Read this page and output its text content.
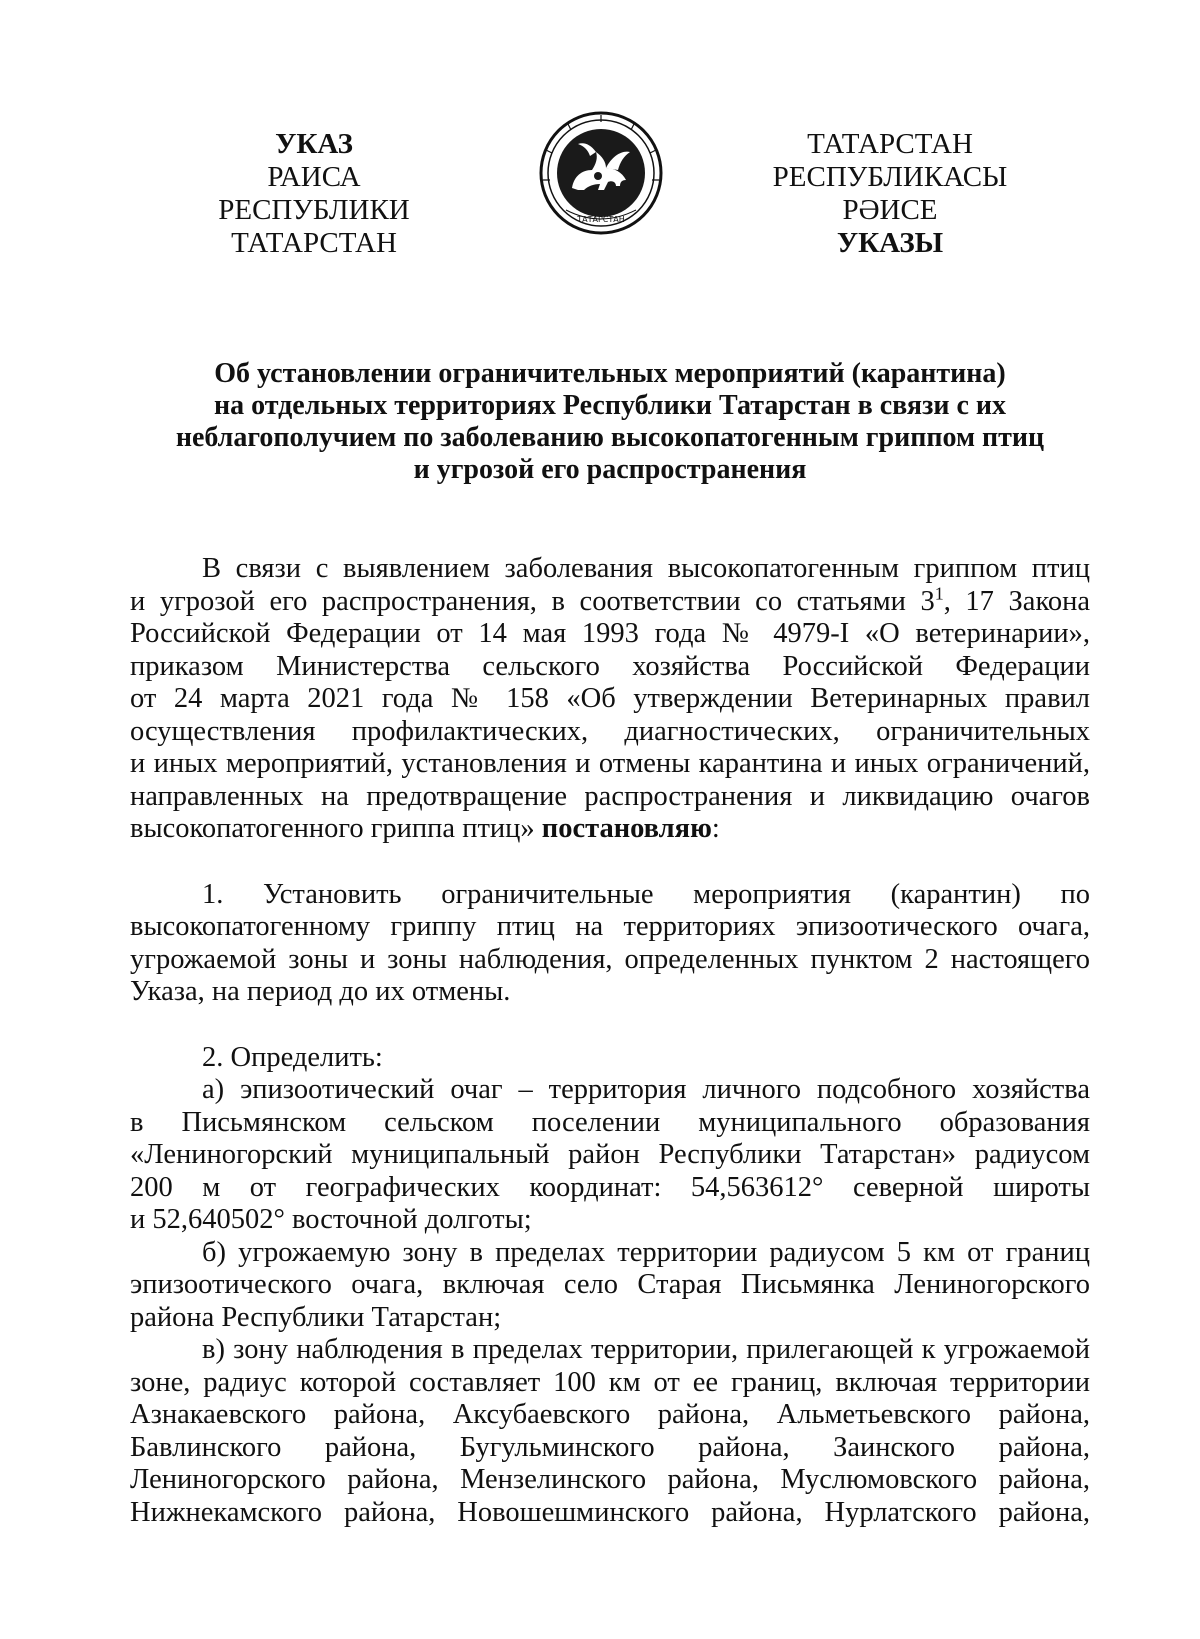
УКАЗ
РАИСА
РЕСПУБЛИКИ ТАТАРСТАН
ТАТАРСТАН
ТАТАРСТАН РЕСПУБЛИКАСЫ
РӘИСЕ
УКАЗЫ
Об установлении ограничительных мероприятий (карантина)
на отдельных территориях Республики Татарстан в связи с их
неблагополучием по заболеванию высокопатогенным гриппом птиц
и угрозой его распространения
В связи с выявлением заболевания высокопатогенным гриппом птиц
и угрозой его распространения, в соответствии со статьями $3^1$, 17 Закона
Российской Федерации от 14 мая 1993 года № 4979-I «О ветеринарии»,
приказом Министерства сельского хозяйства Российской Федерации
от 24 марта 2021 года № 158 «Об утверждении Ветеринарных правил
осуществления профилактических, диагностических, ограничительных
и иных мероприятий, установления и отмены карантина и иных ограничений,
направленных на предотвращение распространения и ликвидацию очагов
высокопатогенного гриппа птиц» постановляю:
1. Установить ограничительные мероприятия (карантин) по
высокопатогенному гриппу птиц на территориях эпизоотического очага,
угрожаемой зоны и зоны наблюдения, определенных пунктом 2 настоящего
Указа, на период до их отмены.
2. Определить:
а) эпизоотический очаг – территория личного подсобного хозяйства
в Письмянском сельском поселении муниципального образования
«Лениногорский муниципальный район Республики Татарстан» радиусом
200 м от географических координат: 54,563612° северной широты
и 52,640502° восточной долготы;
б) угрожаемую зону в пределах территории радиусом 5 км от границ
эпизоотического очага, включая село Старая Письмянка Лениногорского
района Республики Татарстан;
в) зону наблюдения в пределах территории, прилегающей к угрожаемой
зоне, радиус которой составляет 100 км от ее границ, включая территории
Азнакаевского района, Аксубаевского района, Альметьевского района,
Бавлинского района, Бугульминского района, Заинского района,
Лениногорского района, Мензелинского района, Муслюмовского района,
Нижнекамского района, Новошешминского района, Нурлатского района,
